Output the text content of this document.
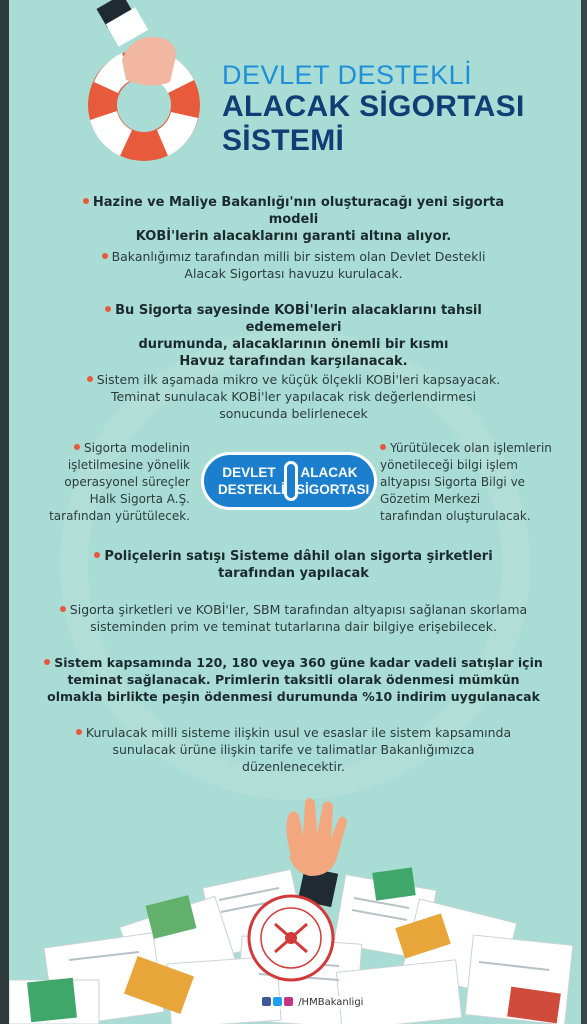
DEVLET DESTEKLİ
ALACAK SİGORTASI
SİSTEMİ
Hazine ve Maliye Bakanlığı'nın oluşturacağı yeni sigorta modeli
KOBİ'lerin alacaklarını garanti altına alıyor.
Bakanlığımız tarafından milli bir sistem olan Devlet Destekli
Alacak Sigortası havuzu kurulacak.
Bu Sigorta sayesinde KOBİ'lerin alacaklarını tahsil edememeleri
durumunda, alacaklarının önemli bir kısmı
Havuz tarafından karşılanacak.
Sistem ilk aşamada mikro ve küçük ölçekli KOBİ'leri kapsayacak.
Teminat sunulacak KOBİ'ler yapılacak risk değerlendirmesi
sonucunda belirlenecek
Sigorta modelinin
işletilmesine yönelik
operasyonel süreçler
Halk Sigorta A.Ş.
tarafından yürütülecek.
DEVLET
DESTEKLİ
ALACAK
SİGORTASI
Yürütülecek olan işlemlerin
yönetileceği bilgi işlem
altyapısı Sigorta Bilgi ve
Gözetim Merkezi
tarafından oluşturulacak.
Poliçelerin satışı Sisteme dâhil olan sigorta şirketleri
tarafından yapılacak
Sigorta şirketleri ve KOBİ'ler, SBM tarafından altyapısı sağlanan skorlama
sisteminden prim ve teminat tutarlarına dair bilgiye erişebilecek.
Sistem kapsamında 120, 180 veya 360 güne kadar vadeli satışlar için
teminat sağlanacak. Primlerin taksitli olarak ödenmesi mümkün
olmakla birlikte peşin ödenmesi durumunda %10 indirim uygulanacak
Kurulacak milli sisteme ilişkin usul ve esaslar ile sistem kapsamında
sunulacak ürüne ilişkin tarife ve talimatlar Bakanlığımızca
düzenlenecektir.
/HMBakanligi
